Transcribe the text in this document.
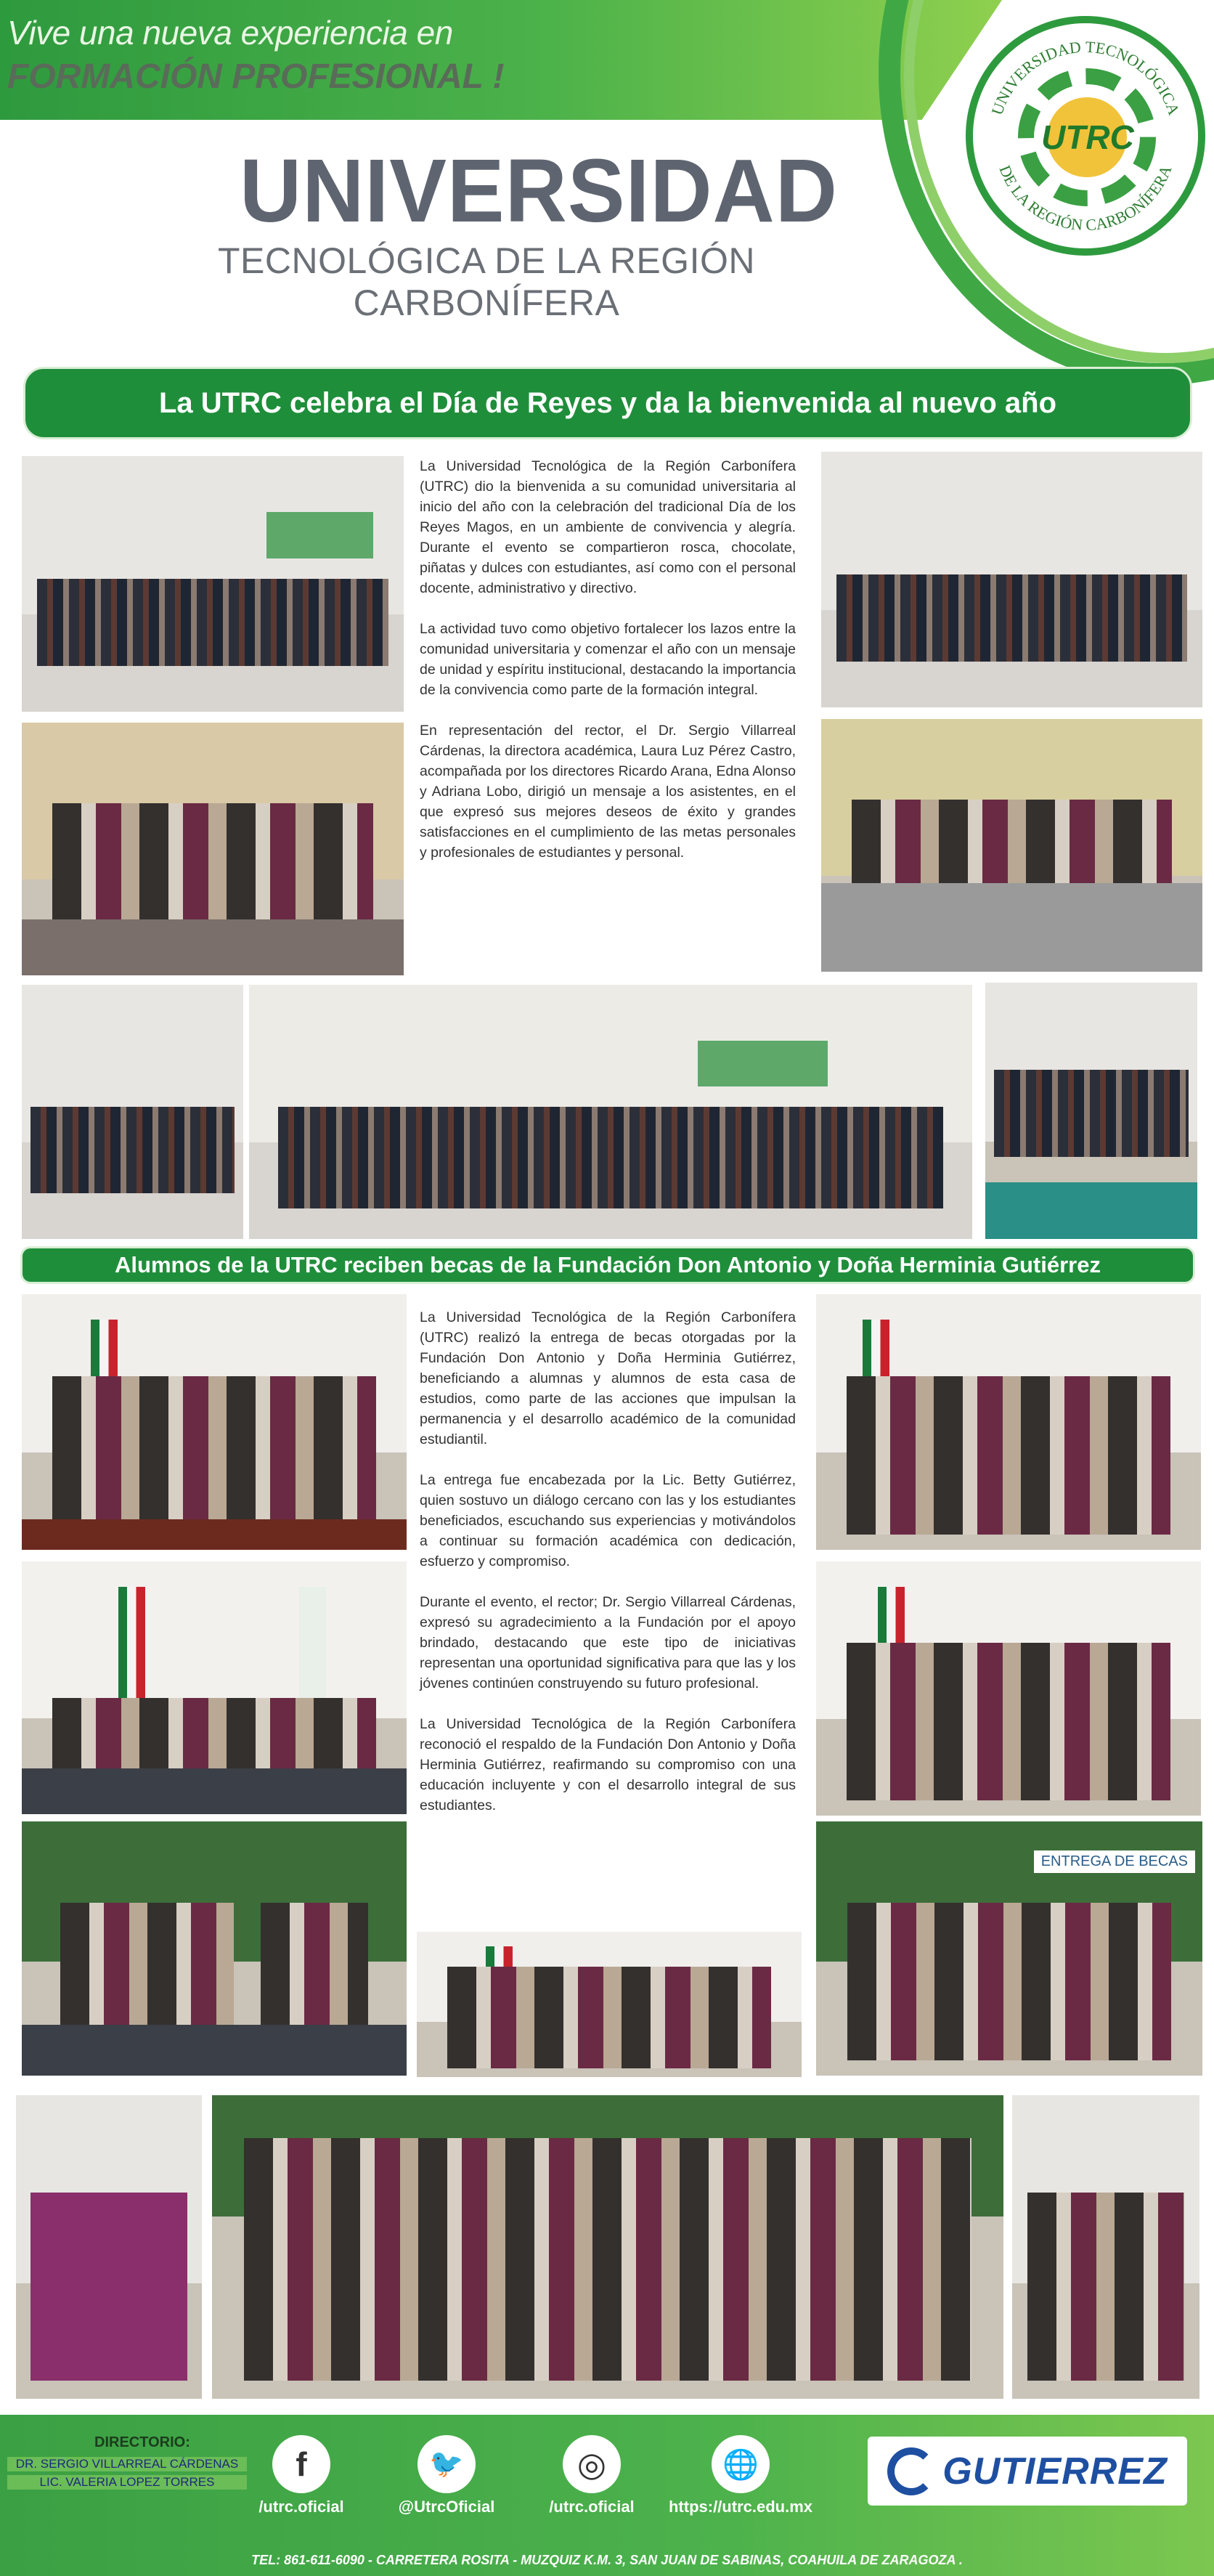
Vive una nueva experiencia en
FORMACIÓN PROFESIONAL !
UNIVERSIDAD TECNOLÓGICA
DE LA REGIÓN CARBONÍFERA
UTRC
UNIVERSIDAD
TECNOLÓGICA DE LA REGIÓN CARBONÍFERA
La UTRC celebra el Día de Reyes y da la bienvenida al nuevo año

La Universidad Tecnológica de la Región Carbonífera (UTRC) dio la bienvenida a su comunidad universitaria al inicio del año con la celebración del tradicional Día de los Reyes Magos, en un ambiente de convivencia y alegría. Durante el evento se compartieron rosca, chocolate, piñatas y dulces con estudiantes, así como con el personal docente, administrativo y directivo.

La actividad tuvo como objetivo fortalecer los lazos entre la comunidad universitaria y comenzar el año con un mensaje de unidad y espíritu institucional, destacando la importancia de la convivencia como parte de la formación integral.

En representación del rector, el Dr. Sergio Villarreal Cárdenas, la directora académica, Laura Luz Pérez Castro, acompañada por los directores Ricardo Arana, Edna Alonso y Adriana Lobo, dirigió un mensaje a los asistentes, en el que expresó sus mejores deseos de éxito y grandes satisfacciones en el cumplimiento de las metas personales y profesionales de estudiantes y personal.

Alumnos de la UTRC reciben becas de la Fundación Don Antonio y Doña Herminia Gutiérrez

La Universidad Tecnológica de la Región Carbonífera (UTRC) realizó la entrega de becas otorgadas por la Fundación Don Antonio y Doña Herminia Gutiérrez, beneficiando a alumnas y alumnos de esta casa de estudios, como parte de las acciones que impulsan la permanencia y el desarrollo académico de la comunidad estudiantil.

La entrega fue encabezada por la Lic. Betty Gutiérrez, quien sostuvo un diálogo cercano con las y los estudiantes beneficiados, escuchando sus experiencias y motivándolos a continuar su formación académica con dedicación, esfuerzo y compromiso.

Durante el evento, el rector; Dr. Sergio Villarreal Cárdenas, expresó su agradecimiento a la Fundación por el apoyo brindado, destacando que este tipo de iniciativas representan una oportunidad significativa para que las y los jóvenes continúen construyendo su futuro profesional.

La Universidad Tecnológica de la Región Carbonífera reconoció el respaldo de la Fundación Don Antonio y Doña Herminia Gutiérrez, reafirmando su compromiso con una educación incluyente y con el desarrollo integral de sus estudiantes.

ENTREGA DE BECAS
DIRECTORIO:
DR. SERGIO VILLARREAL CÁRDENAS
LIC. VALERIA LOPEZ TORRES	f
/utrc.oficial
🐦
@UtrcOficial
◎
/utrc.oficial
🌐
https://utrc.edu.mx
GUTIERREZ
TEL: 861-611-6090 - CARRETERA ROSITA - MUZQUIZ K.M. 3, SAN JUAN DE SABINAS, COAHUILA DE ZARAGOZA .
